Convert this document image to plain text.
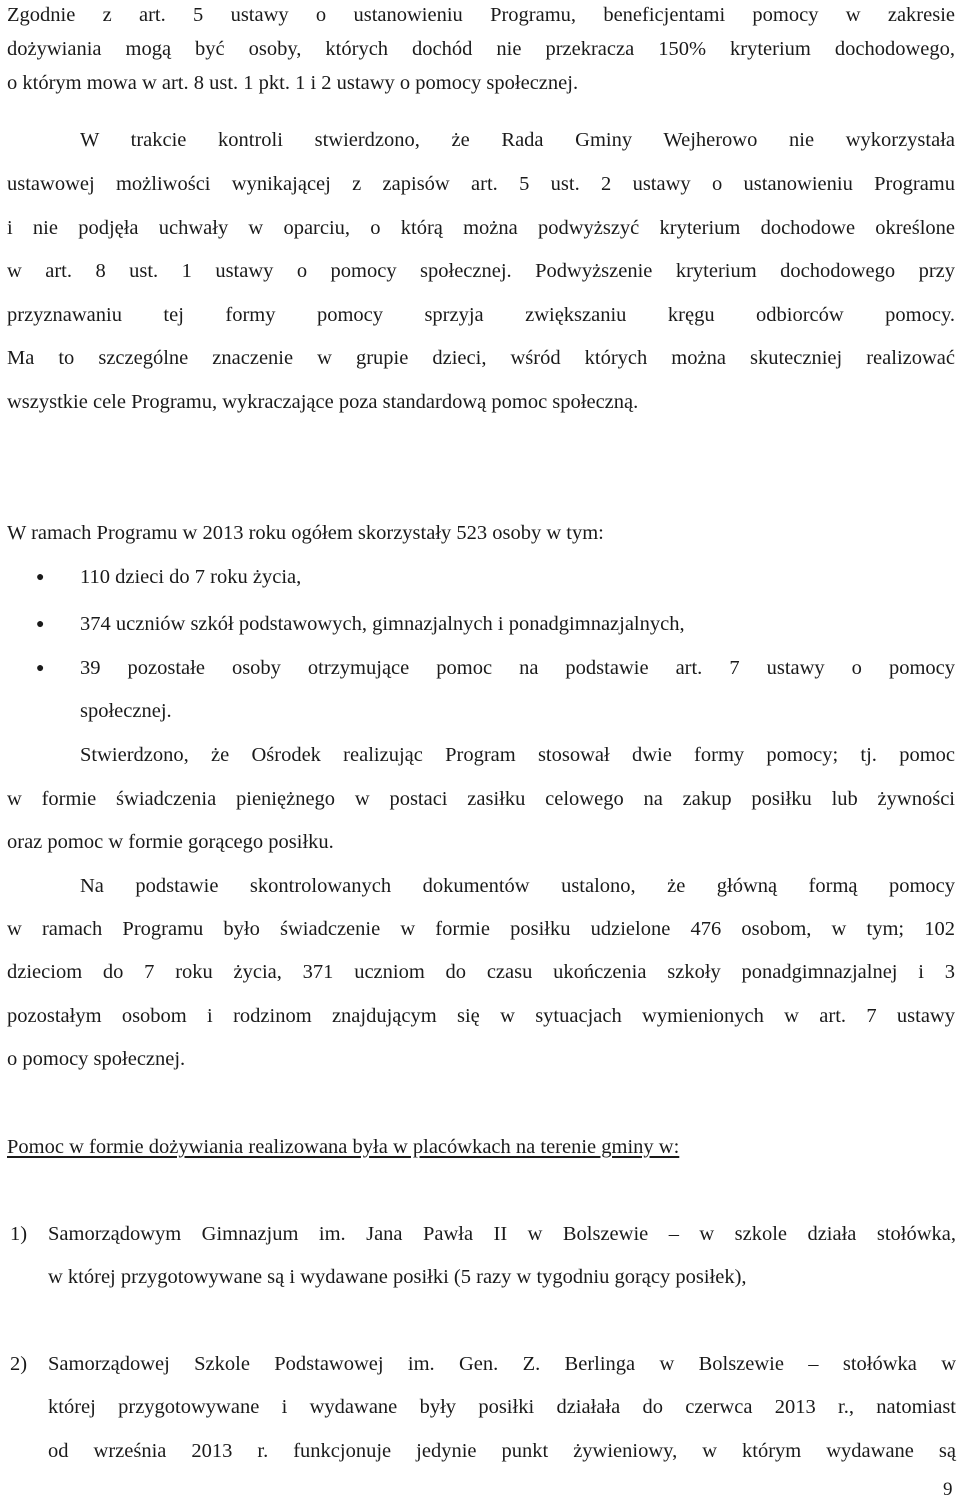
Zgodnie z art. 5 ustawy o ustanowieniu Programu, beneficjentami pomocy w zakresie
dożywiania mogą być osoby, których dochód nie przekracza 150% kryterium dochodowego,
o którym mowa w art. 8 ust. 1 pkt. 1 i 2 ustawy o pomocy społecznej.
W trakcie kontroli stwierdzono, że Rada Gminy Wejherowo nie wykorzystała
ustawowej możliwości wynikającej z zapisów art. 5 ust. 2 ustawy o ustanowieniu Programu
i nie podjęła uchwały w oparciu, o którą można podwyższyć kryterium dochodowe określone
w art. 8 ust. 1 ustawy o pomocy społecznej. Podwyższenie kryterium dochodowego przy
przyznawaniu tej formy pomocy sprzyja zwiększaniu kręgu odbiorców pomocy.
Ma to szczególne znaczenie w grupie dzieci, wśród których można skuteczniej realizować
wszystkie cele Programu, wykraczające poza standardową pomoc społeczną.
W ramach Programu w 2013 roku ogółem skorzystały 523 osoby w tym:
● 110 dzieci do 7 roku życia,
● 374 uczniów szkół podstawowych, gimnazjalnych i ponadgimnazjalnych,
● 39 pozostałe osoby otrzymujące pomoc na podstawie art. 7 ustawy o pomocy
społecznej.
Stwierdzono, że Ośrodek realizując Program stosował dwie formy pomocy; tj. pomoc
w formie świadczenia pieniężnego w postaci zasiłku celowego na zakup posiłku lub żywności
oraz pomoc w formie gorącego posiłku.
Na podstawie skontrolowanych dokumentów ustalono, że główną formą pomocy
w ramach Programu było świadczenie w formie posiłku udzielone 476 osobom, w tym; 102
dzieciom do 7 roku życia, 371 uczniom do czasu ukończenia szkoły ponadgimnazjalnej i 3
pozostałym osobom i rodzinom znajdującym się w sytuacjach wymienionych w art. 7 ustawy
o pomocy społecznej.
Pomoc w formie dożywiania realizowana była w placówkach na terenie gminy w:
1) Samorządowym Gimnazjum im. Jana Pawła II w Bolszewie – w szkole działa stołówka,
w której przygotowywane są i wydawane posiłki (5 razy w tygodniu gorący posiłek),
2) Samorządowej Szkole Podstawowej im. Gen. Z. Berlinga w Bolszewie – stołówka w
której przygotowywane i wydawane były posiłki działała do czerwca 2013 r., natomiast
od września 2013 r. funkcjonuje jedynie punkt żywieniowy, w którym wydawane są
9
